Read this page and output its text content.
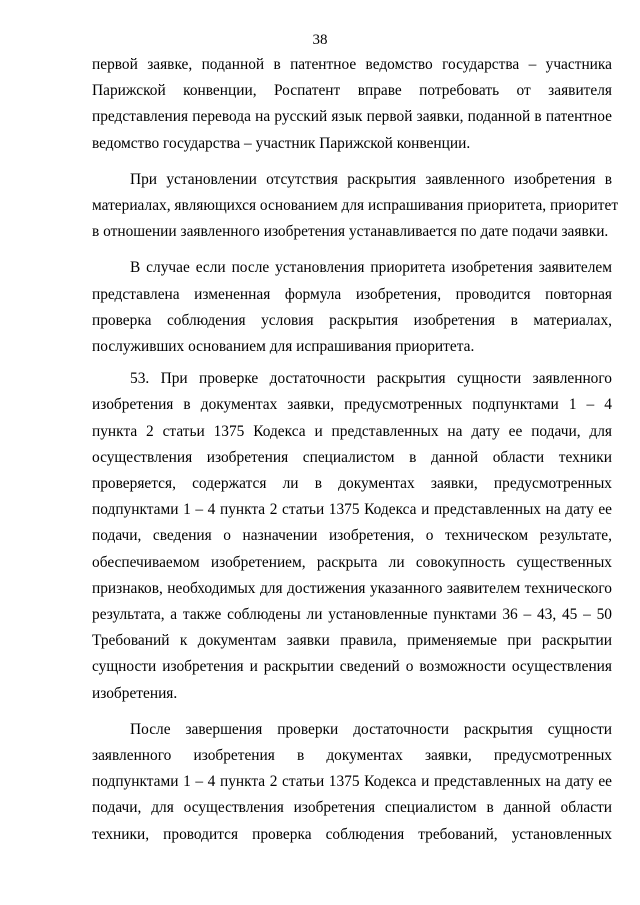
38

первой заявке, поданной в патентное ведомство государства – участника
Парижской конвенции, Роспатент вправе потребовать от заявителя
представления перевода на русский язык первой заявки, поданной в патентное
ведомство государства – участник Парижской конвенции.

При установлении отсутствия раскрытия заявленного изобретения в
материалах, являющихся основанием для испрашивания приоритета, приоритет
в отношении заявленного изобретения устанавливается по дате подачи заявки.

В случае если после установления приоритета изобретения заявителем
представлена измененная формула изобретения, проводится повторная
проверка соблюдения условия раскрытия изобретения в материалах,
послуживших основанием для испрашивания приоритета.

53. При проверке достаточности раскрытия сущности заявленного
изобретения в документах заявки, предусмотренных подпунктами 1 – 4
пункта 2 статьи 1375 Кодекса и представленных на дату ее подачи, для
осуществления изобретения специалистом в данной области техники
проверяется, содержатся ли в документах заявки, предусмотренных
подпунктами 1 – 4 пункта 2 статьи 1375 Кодекса и представленных на дату ее
подачи, сведения о назначении изобретения, о техническом результате,
обеспечиваемом изобретением, раскрыта ли совокупность существенных
признаков, необходимых для достижения указанного заявителем технического
результата, а также соблюдены ли установленные пунктами 36 – 43, 45 – 50
Требований к документам заявки правила, применяемые при раскрытии
сущности изобретения и раскрытии сведений о возможности осуществления
изобретения.

После завершения проверки достаточности раскрытия сущности
заявленного изобретения в документах заявки, предусмотренных
подпунктами 1 – 4 пункта 2 статьи 1375 Кодекса и представленных на дату ее
подачи, для осуществления изобретения специалистом в данной области
техники, проводится проверка соблюдения требований, установленных
